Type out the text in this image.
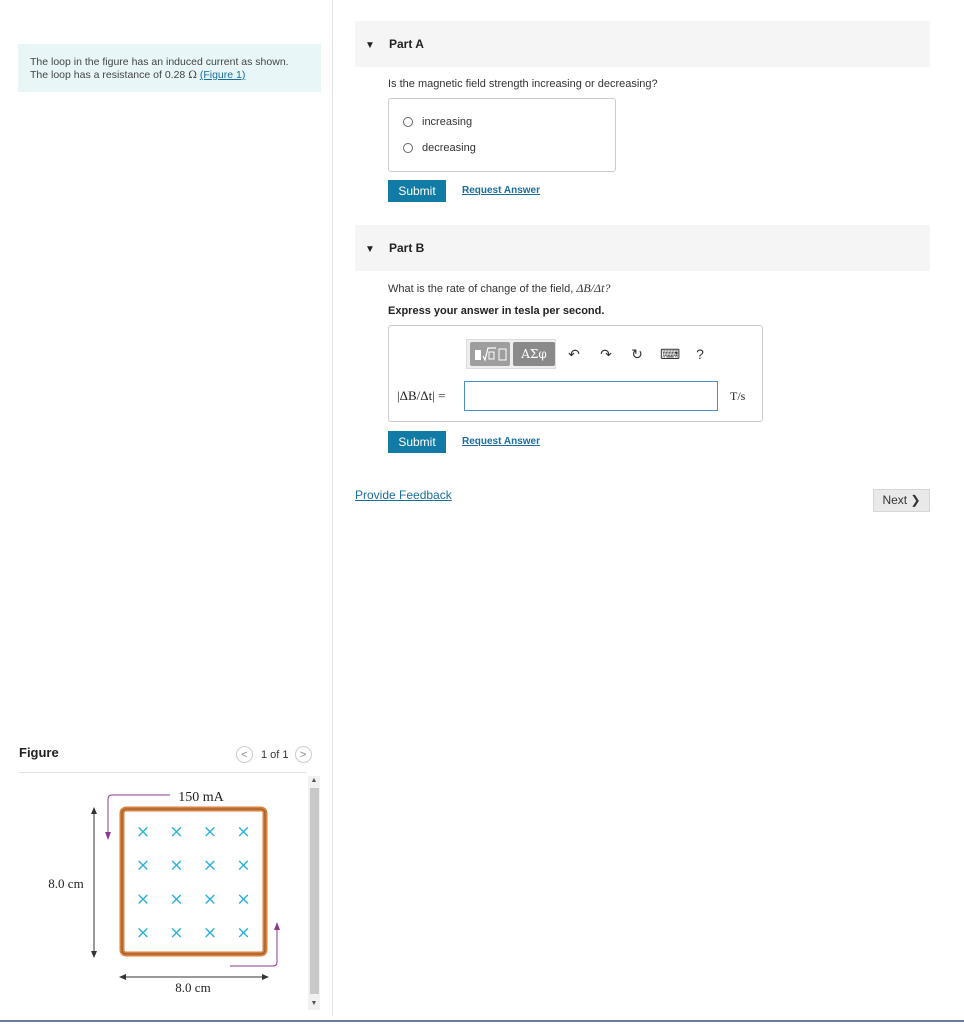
The loop in the figure has an induced current as shown.
The loop has a resistance of 0.28 Ω (Figure 1)
Figure	< 1 of 1 >
× × × ×
× × × ×
× × × ×
× × × ×
150 mA
8.0 cm
8.0 cm
▲
▼
▼ Part A
Is the magnetic field strength increasing or decreasing?
increasing
decreasing
Submit	Request Answer
▼ Part B
What is the rate of change of the field, ΔB/Δt?
Express your answer in tesla per second.
ΑΣφ	↶ ↷ ↻ ⌨ ?
|ΔB/Δt| =	T/s
Submit	Request Answer
Provide Feedback	Next ❯
